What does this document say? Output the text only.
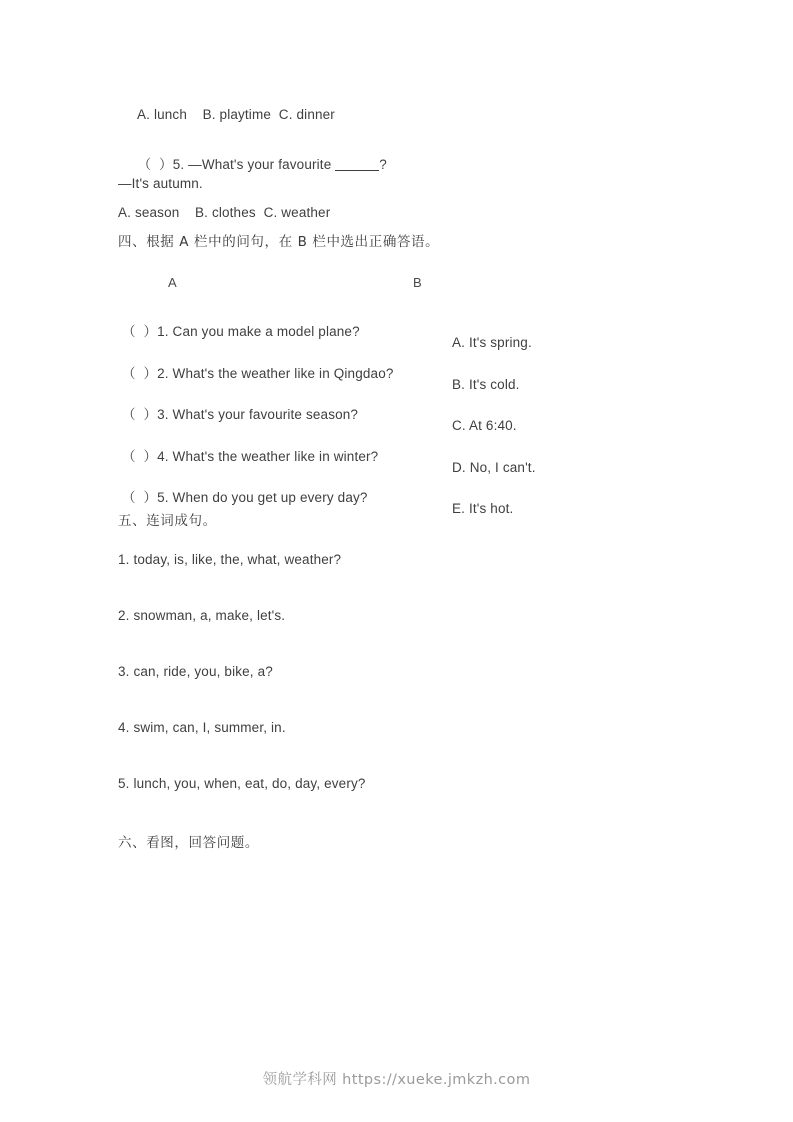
A. lunch    B. playtime  C. dinner

（  ）5. —What's your favourite	?

—It's autumn.
A. season    B. clothes  C. weather
四、根据 A 栏中的问句，在 B 栏中选出正确答语。
A	B

（  ）1. Can you make a model plane?

A. It's spring.

（  ）2. What's the weather like in Qingdao?

B. It's cold.

（  ）3. What's your favourite season?

C. At 6:40.

（  ）4. What's the weather like in winter?

D. No, I can't.

（  ）5. When do you get up every day?

E. It's hot.

五、连词成句。
1. today, is, like, the, what, weather?
2. snowman, a, make, let's.
3. can, ride, you, bike, a?
4. swim, can, I, summer, in.
5. lunch, you, when, eat, do, day, every?
六、看图，回答问题。
领航学科网 https://xueke.jmkzh.com
